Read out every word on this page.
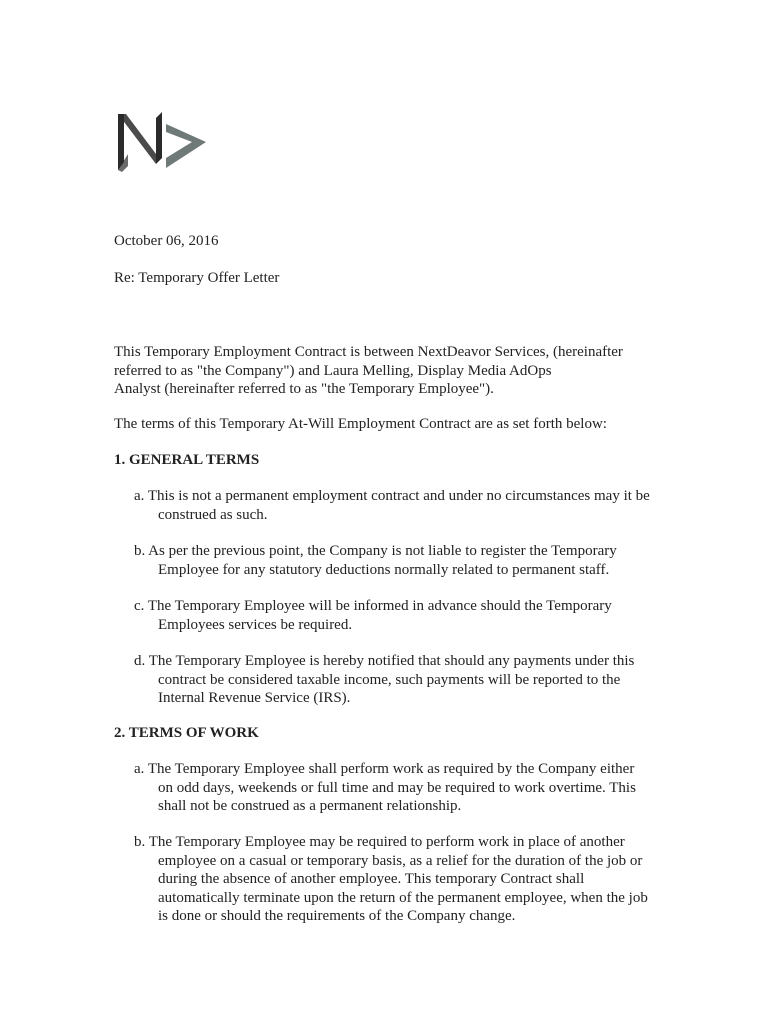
October 06, 2016

Re: Temporary Offer Letter

This Temporary Employment Contract is between NextDeavor Services, (hereinafter
referred to as "the Company") and Laura Melling, Display Media AdOps
Analyst (hereinafter referred to as "the Temporary Employee").

The terms of this Temporary At-Will Employment Contract are as set forth below:

1. GENERAL TERMS

a. This is not a permanent employment contract and under no circumstances may it be
construed as such.
b. As per the previous point, the Company is not liable to register the Temporary
Employee for any statutory deductions normally related to permanent staff.
c. The Temporary Employee will be informed in advance should the Temporary
Employees services be required.
d. The Temporary Employee is hereby notified that should any payments under this
contract be considered taxable income, such payments will be reported to the
Internal Revenue Service (IRS).

2. TERMS OF WORK

a. The Temporary Employee shall perform work as required by the Company either
on odd days, weekends or full time and may be required to work overtime. This
shall not be construed as a permanent relationship.
b. The Temporary Employee may be required to perform work in place of another
employee on a casual or temporary basis, as a relief for the duration of the job or
during the absence of another employee. This temporary Contract shall
automatically terminate upon the return of the permanent employee, when the job
is done or should the requirements of the Company change.
